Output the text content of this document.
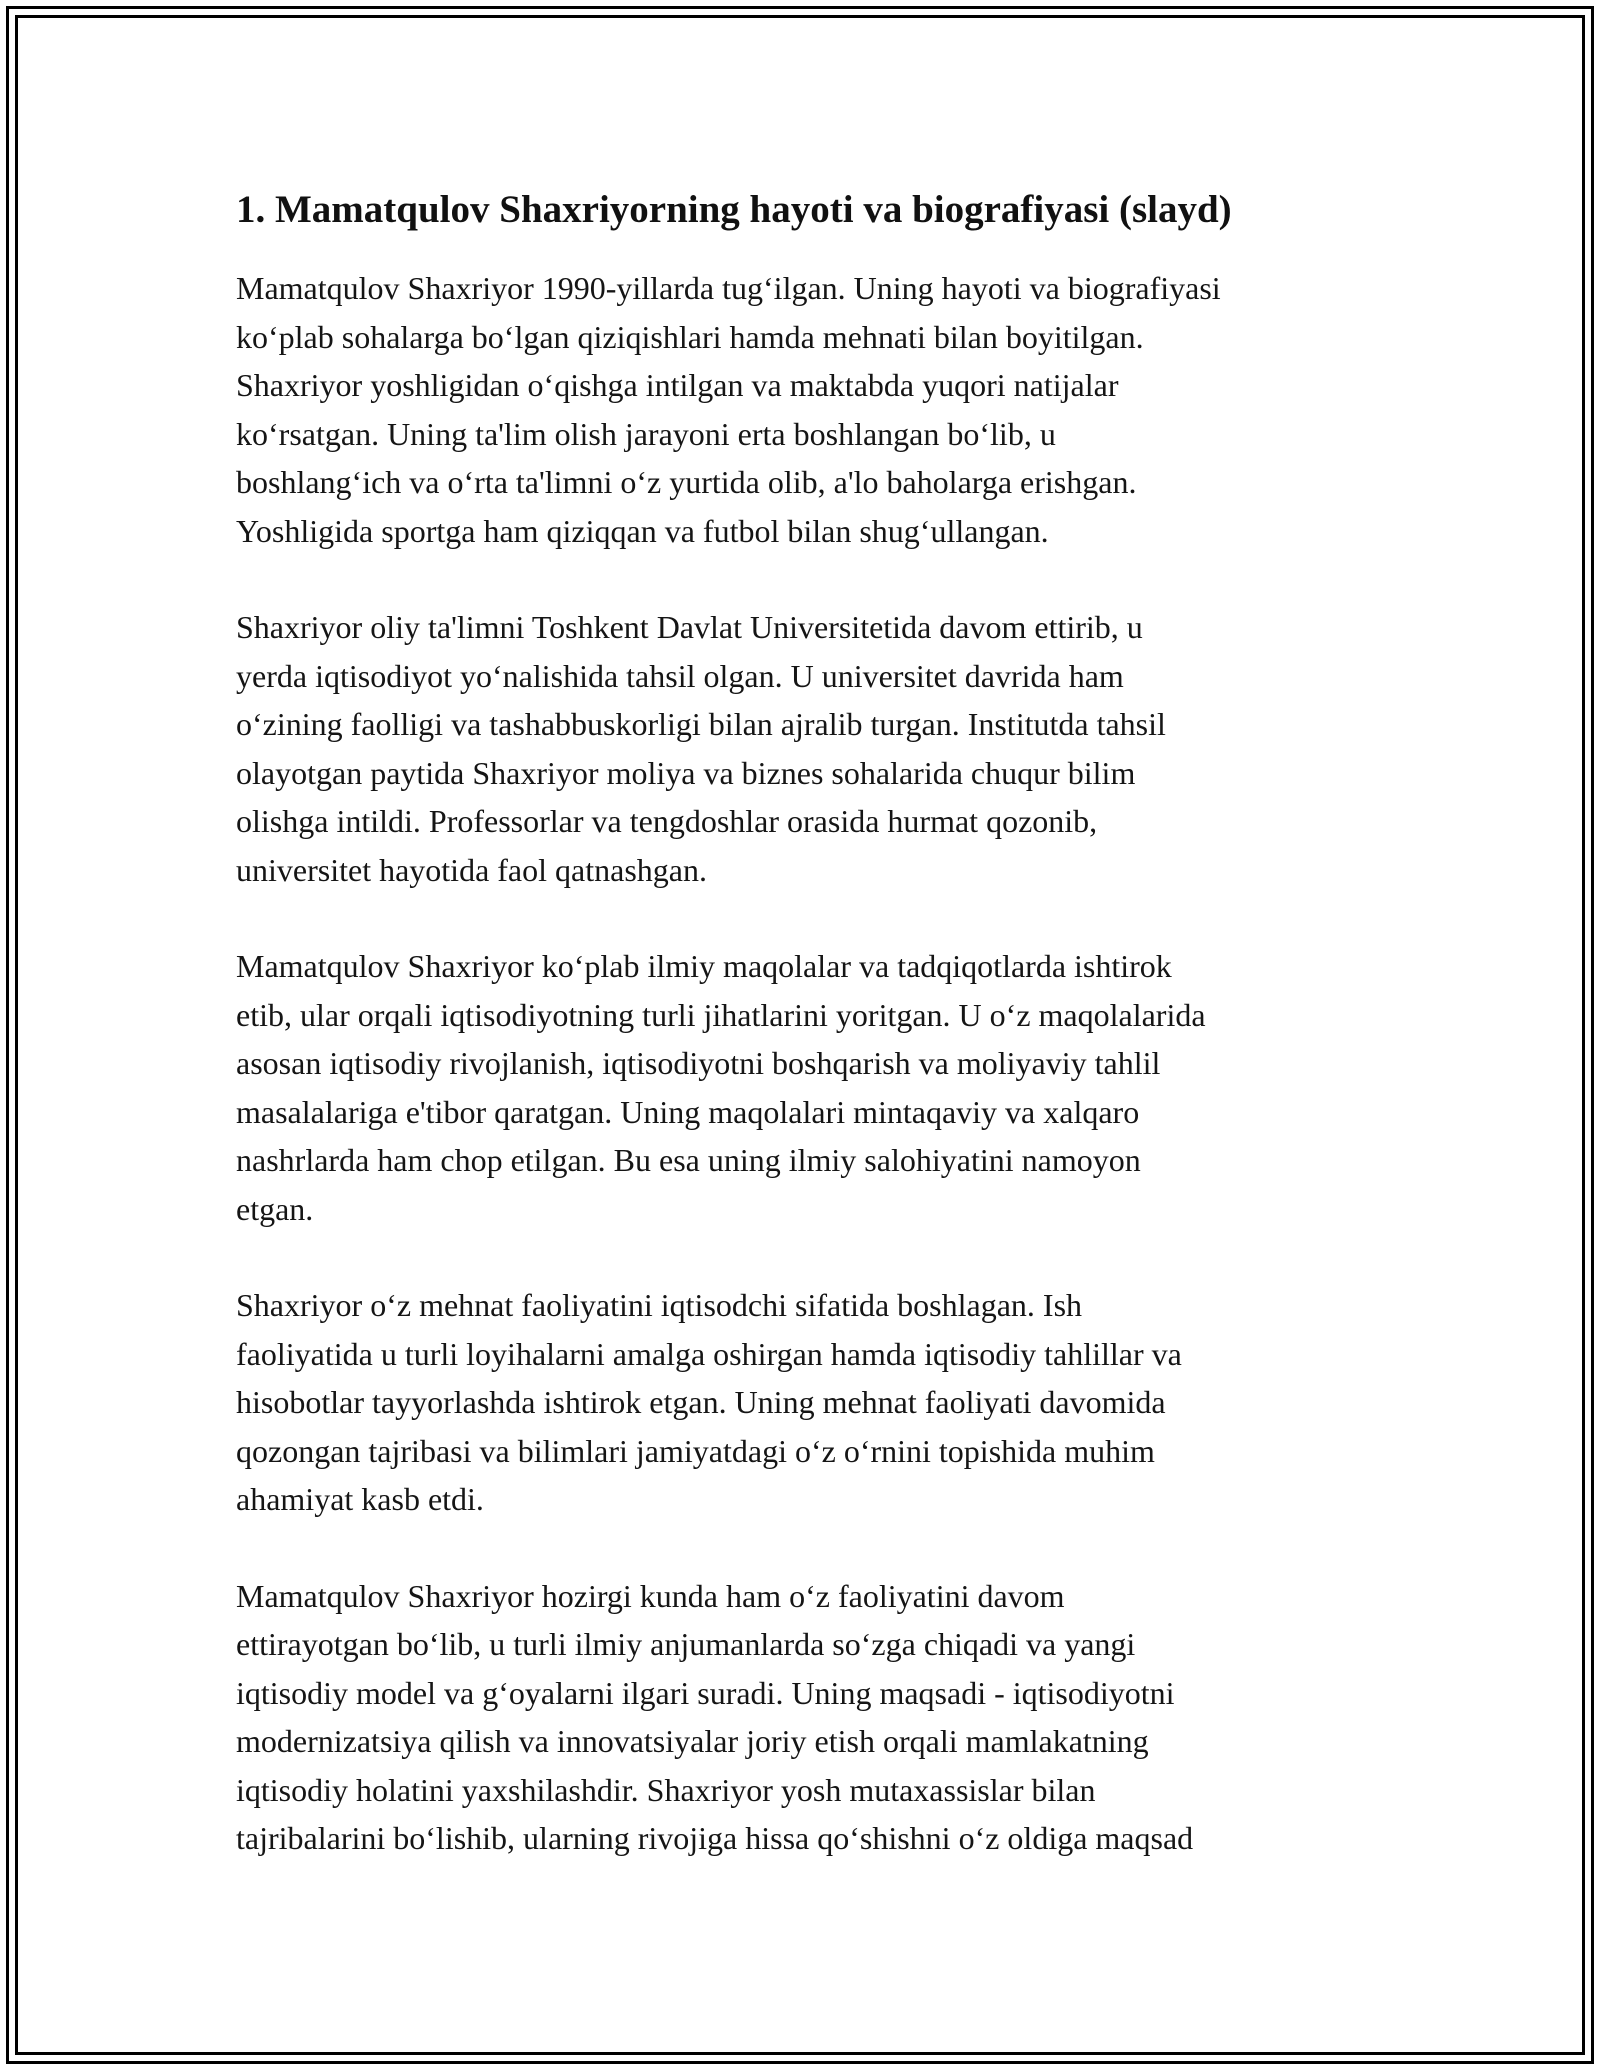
1. Mamatqulov Shaxriyorning hayoti va biografiyasi (slayd)

Mamatqulov Shaxriyor 1990-yillarda tug‘ilgan. Uning hayoti va biografiyasi
ko‘plab sohalarga bo‘lgan qiziqishlari hamda mehnati bilan boyitilgan.
Shaxriyor yoshligidan o‘qishga intilgan va maktabda yuqori natijalar
ko‘rsatgan. Uning ta'lim olish jarayoni erta boshlangan bo‘lib, u
boshlang‘ich va o‘rta ta'limni o‘z yurtida olib, a'lo baholarga erishgan.
Yoshligida sportga ham qiziqqan va futbol bilan shug‘ullangan.

Shaxriyor oliy ta'limni Toshkent Davlat Universitetida davom ettirib, u
yerda iqtisodiyot yo‘nalishida tahsil olgan. U universitet davrida ham
o‘zining faolligi va tashabbuskorligi bilan ajralib turgan. Institutda tahsil
olayotgan paytida Shaxriyor moliya va biznes sohalarida chuqur bilim
olishga intildi. Professorlar va tengdoshlar orasida hurmat qozonib,
universitet hayotida faol qatnashgan.

Mamatqulov Shaxriyor ko‘plab ilmiy maqolalar va tadqiqotlarda ishtirok
etib, ular orqali iqtisodiyotning turli jihatlarini yoritgan. U o‘z maqolalarida
asosan iqtisodiy rivojlanish, iqtisodiyotni boshqarish va moliyaviy tahlil
masalalariga e'tibor qaratgan. Uning maqolalari mintaqaviy va xalqaro
nashrlarda ham chop etilgan. Bu esa uning ilmiy salohiyatini namoyon
etgan.

Shaxriyor o‘z mehnat faoliyatini iqtisodchi sifatida boshlagan. Ish
faoliyatida u turli loyihalarni amalga oshirgan hamda iqtisodiy tahlillar va
hisobotlar tayyorlashda ishtirok etgan. Uning mehnat faoliyati davomida
qozongan tajribasi va bilimlari jamiyatdagi o‘z o‘rnini topishida muhim
ahamiyat kasb etdi.

Mamatqulov Shaxriyor hozirgi kunda ham o‘z faoliyatini davom
ettirayotgan bo‘lib, u turli ilmiy anjumanlarda so‘zga chiqadi va yangi
iqtisodiy model va g‘oyalarni ilgari suradi. Uning maqsadi - iqtisodiyotni
modernizatsiya qilish va innovatsiyalar joriy etish orqali mamlakatning
iqtisodiy holatini yaxshilashdir. Shaxriyor yosh mutaxassislar bilan
tajribalarini bo‘lishib, ularning rivojiga hissa qo‘shishni o‘z oldiga maqsad
